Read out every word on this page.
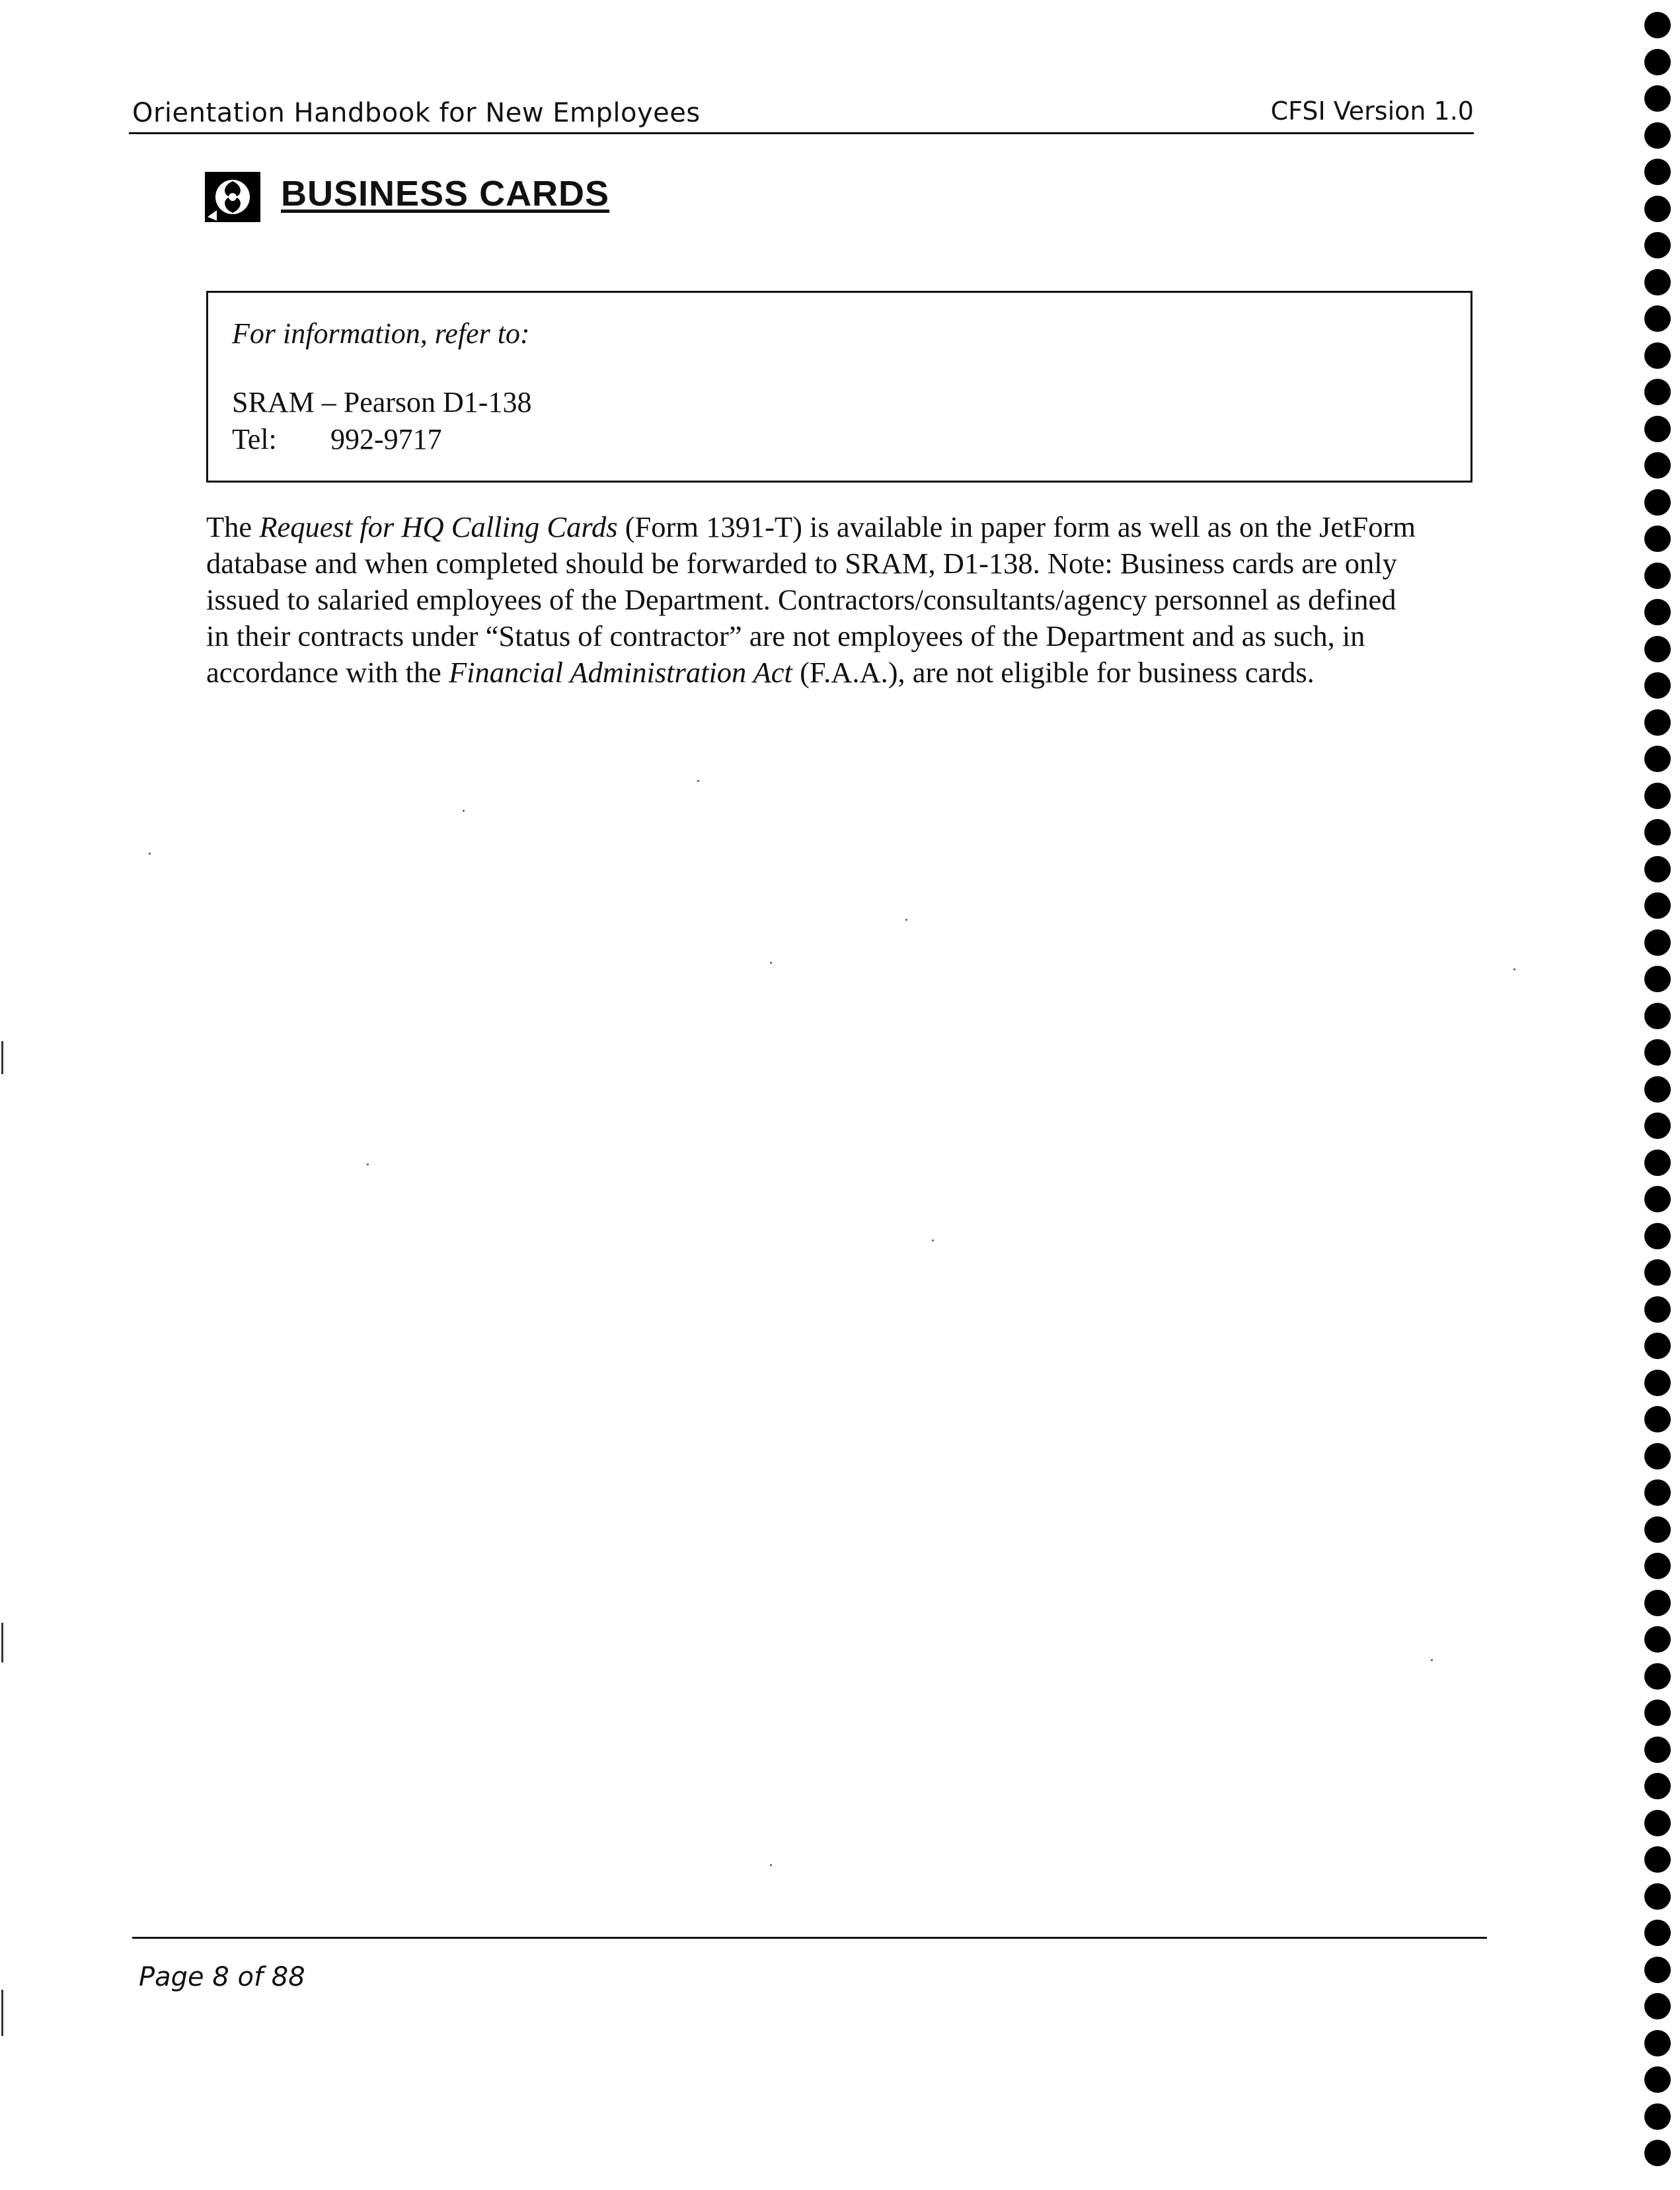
Orientation Handbook for New Employees	CFSI Version 1.0
BUSINESS CARDS
For information, refer to:
SRAM – Pearson D1-138
Tel: 992-9717
The Request for HQ Calling Cards (Form 1391-T) is available in paper form as well as on the JetForm
database and when completed should be forwarded to SRAM, D1-138. Note: Business cards are only
issued to salaried employees of the Department. Contractors/consultants/agency personnel as defined
in their contracts under “Status of contractor” are not employees of the Department and as such, in
accordance with the Financial Administration Act (F.A.A.), are not eligible for business cards.
Page 8 of 88
